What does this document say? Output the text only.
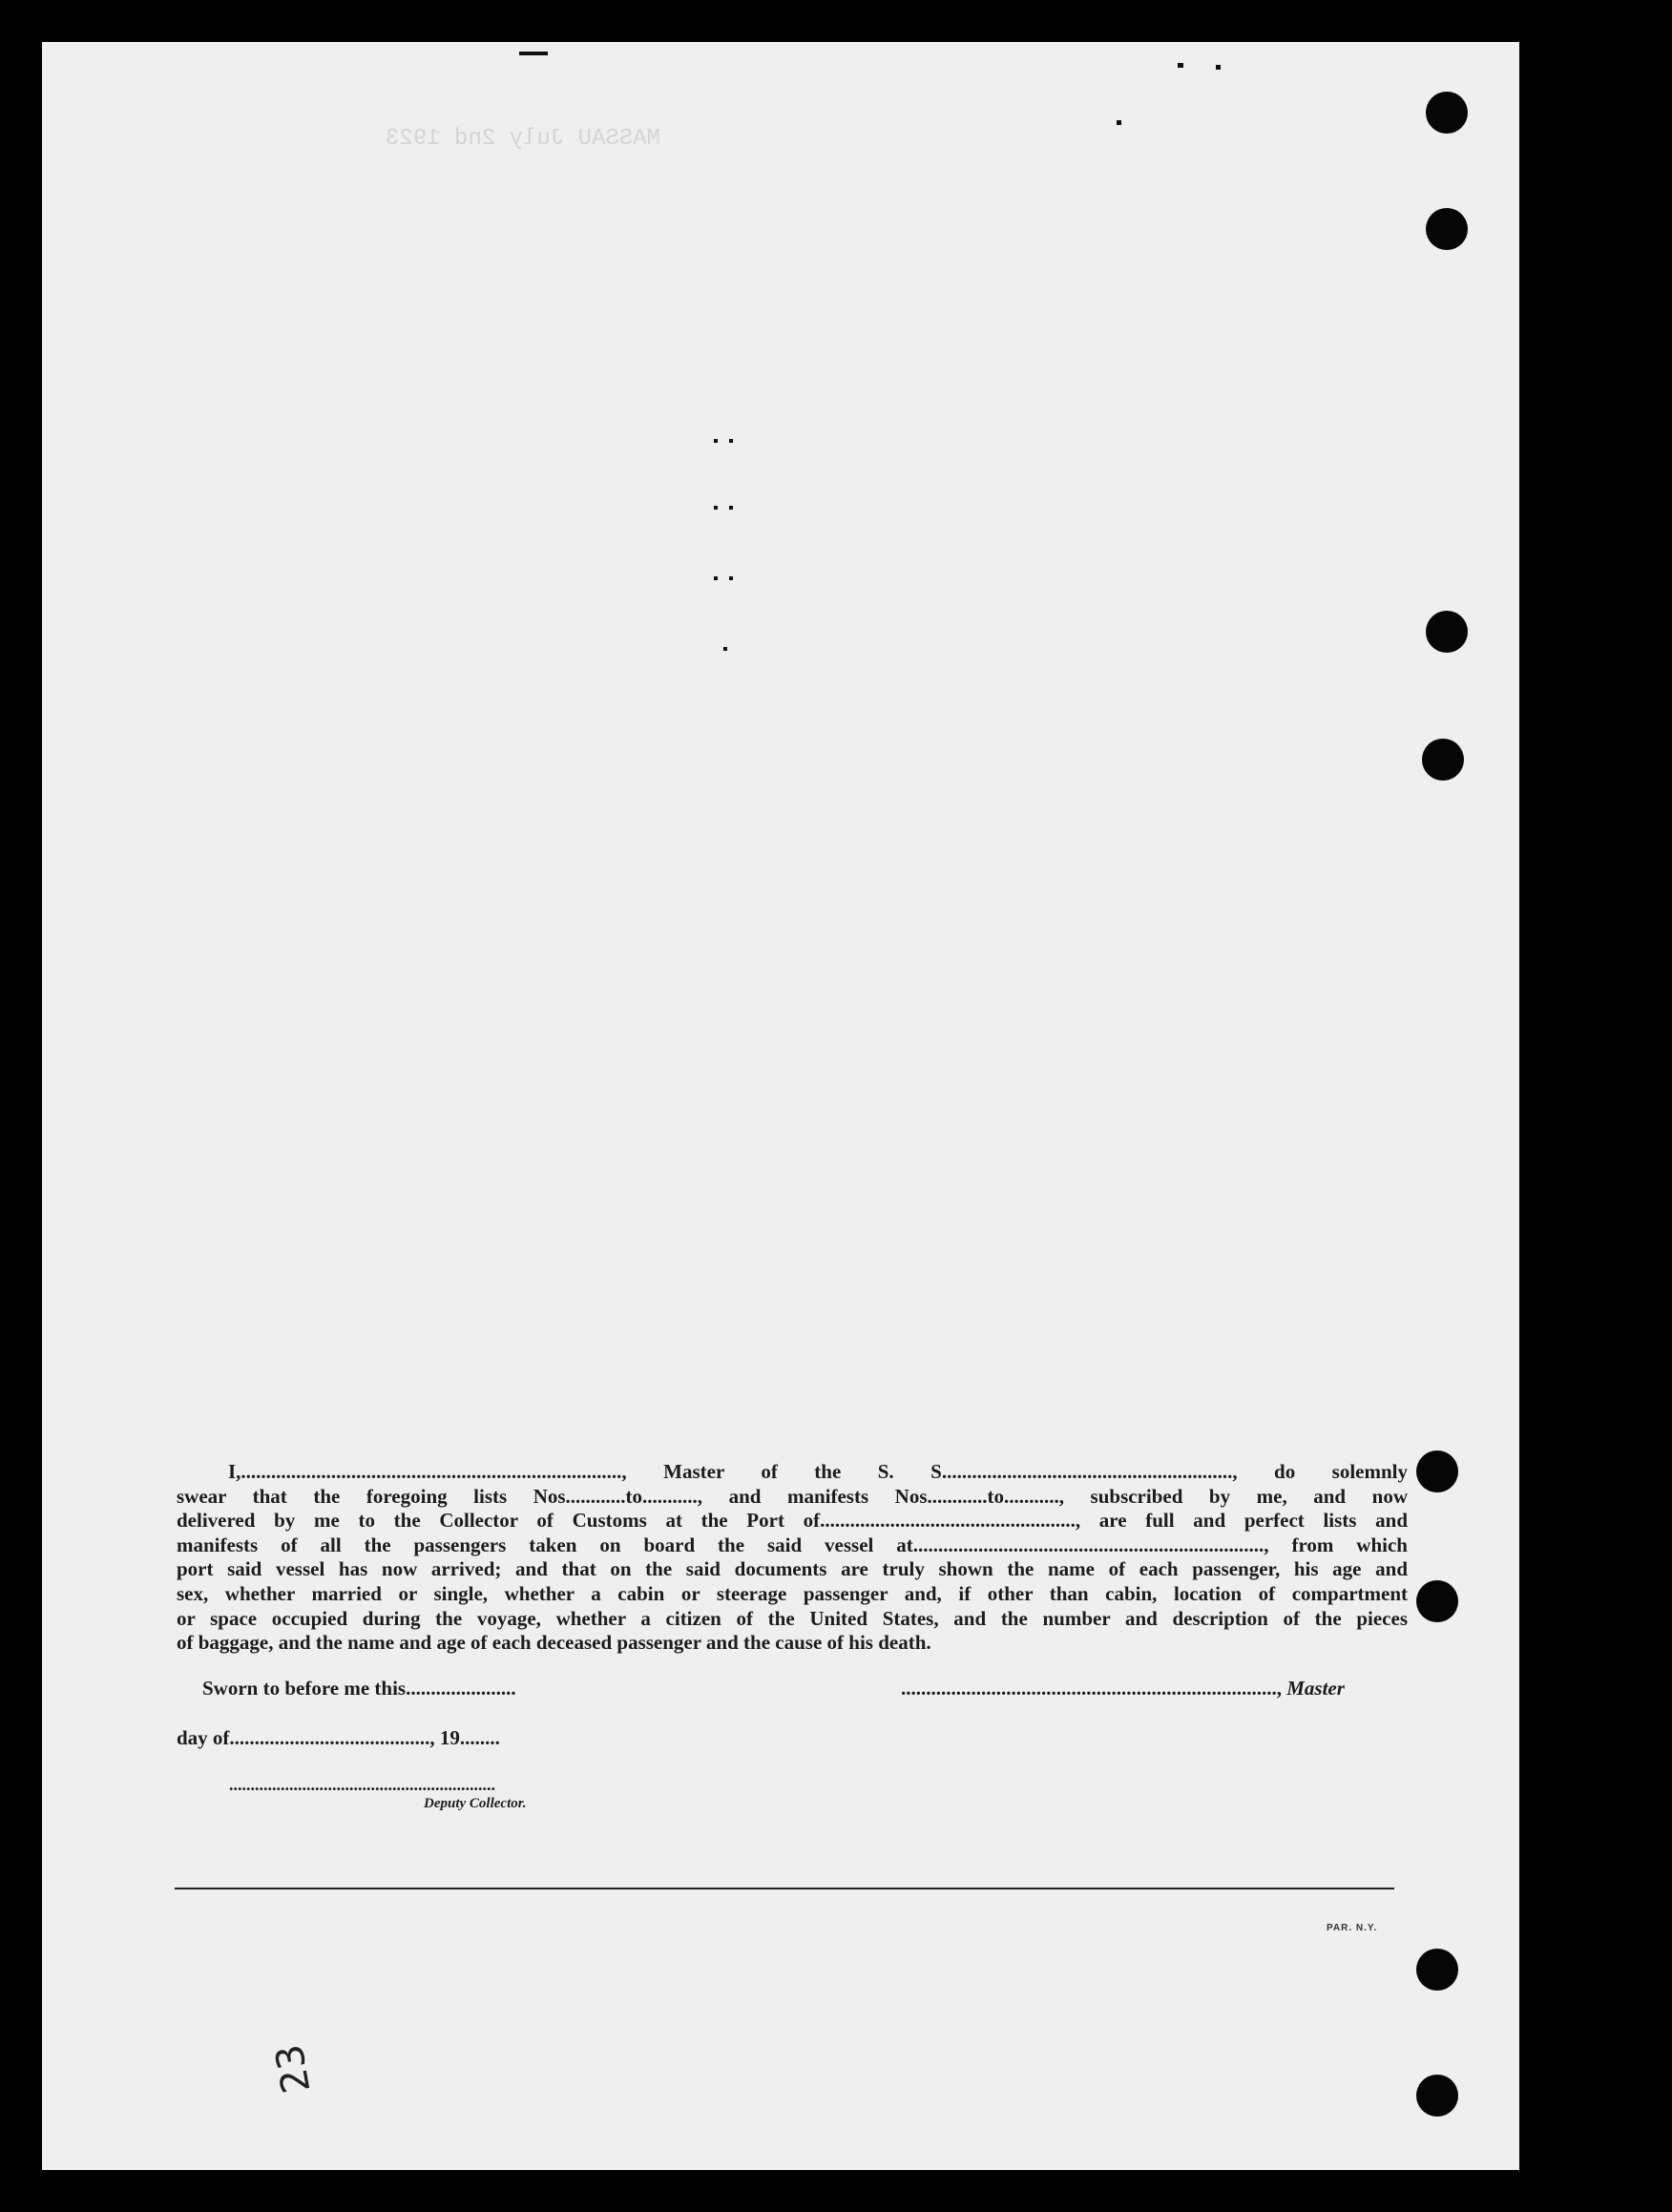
MASSAU July 2nd 1923
I,............................................................................, Master of the S. S.........................................................., do solemnly
swear that the foregoing lists Nos............to..........., and manifests Nos............to..........., subscribed by me, and now
delivered by me to the Collector of Customs at the Port of..................................................., are full and perfect lists and
manifests of all the passengers taken on board the said vessel at......................................................................, from which
port said vessel has now arrived; and that on the said documents are truly shown the name of each passenger, his age and
sex, whether married or single, whether a cabin or steerage passenger and, if other than cabin, location of compartment
or space occupied during the voyage, whether a citizen of the United States, and the number and description of the pieces
of baggage, and the name and age of each deceased passenger and the cause of his death.
Sworn to before me this......................	..........................................................................., Master
day of........................................, 19........
..............................................................
Deputy Collector.
PAR. N.Y.
23
